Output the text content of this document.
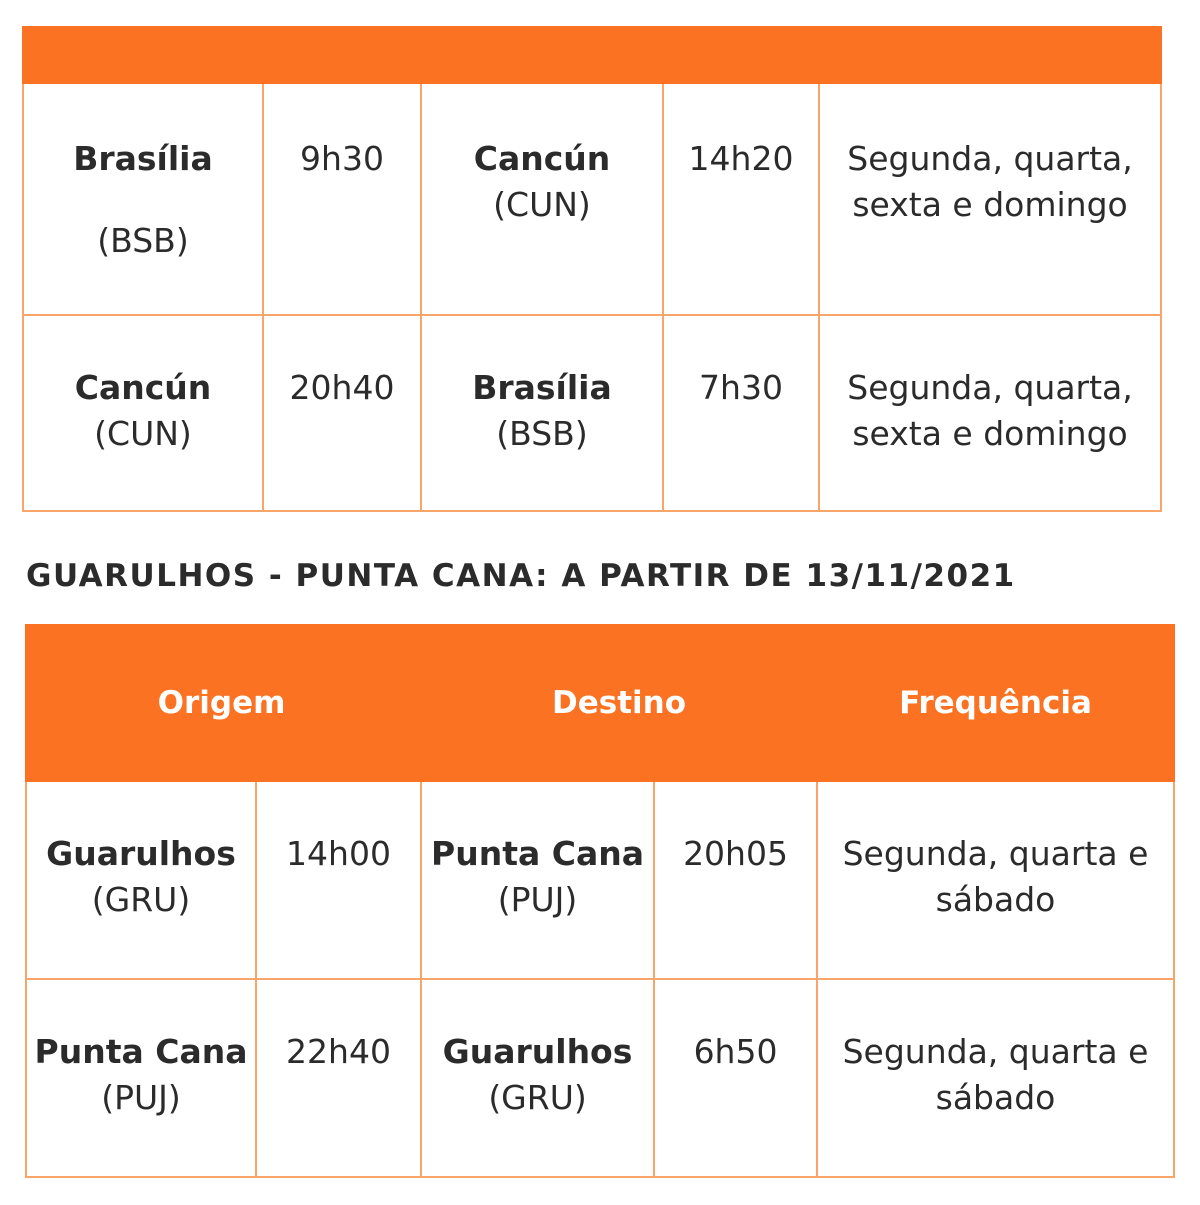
Brasília
(BSB)	9h30	Cancún
(CUN)	14h20	Segunda, quarta,
sexta e domingo

Cancún
(CUN)	20h40	Brasília (BSB)	7h30	Segunda, quarta,
sexta e domingo
GUARULHOS - PUNTA CANA: A PARTIR DE 13/11/2021
Origem		Destino		Frequência

Guarulhos
(GRU)	14h00	Punta Cana
(PUJ)	20h05	Segunda, quarta e
sábado

Punta Cana
(PUJ)	22h40	Guarulhos
(GRU)	6h50	Segunda, quarta e
sábado
